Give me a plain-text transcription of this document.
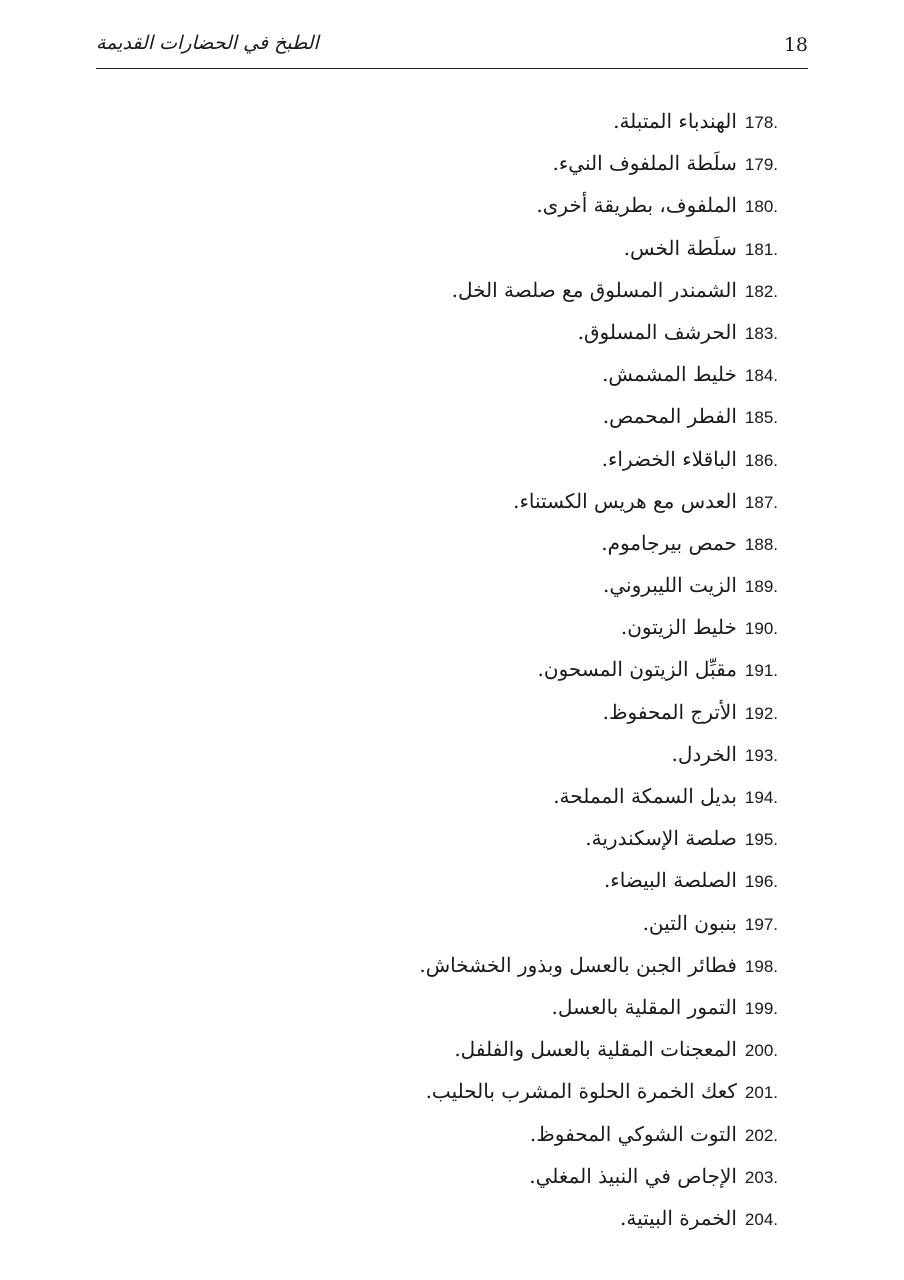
الطبخ في الحضارات القديمة	18
178.الهندباء المتبلة.
179.سلَطة الملفوف النيء.
180.الملفوف، بطريقة أخرى.
181.سلَطة الخس.
182.الشمندر المسلوق مع صلصة الخل.
183.الحرشف المسلوق.
184.خليط المشمش.
185.الفطر المحمص.
186.الباقلاء الخضراء.
187.العدس مع هريس الكستناء.
188.حمص بيرجاموم.
189.الزيت الليبروني.
190.خليط الزيتون.
191.مقبِّل الزيتون المسحون.
192.الأترج المحفوظ.
193.الخردل.
194.بديل السمكة المملحة.
195.صلصة الإسكندرية.
196.الصلصة البيضاء.
197.بنبون التين.
198.فطائر الجبن بالعسل وبذور الخشخاش.
199.التمور المقلية بالعسل.
200.المعجنات المقلية بالعسل والفلفل.
201.كعك الخمرة الحلوة المشرب بالحليب.
202.التوت الشوكي المحفوظ.
203.الإجاص في النبيذ المغلي.
204.الخمرة البيتية.
